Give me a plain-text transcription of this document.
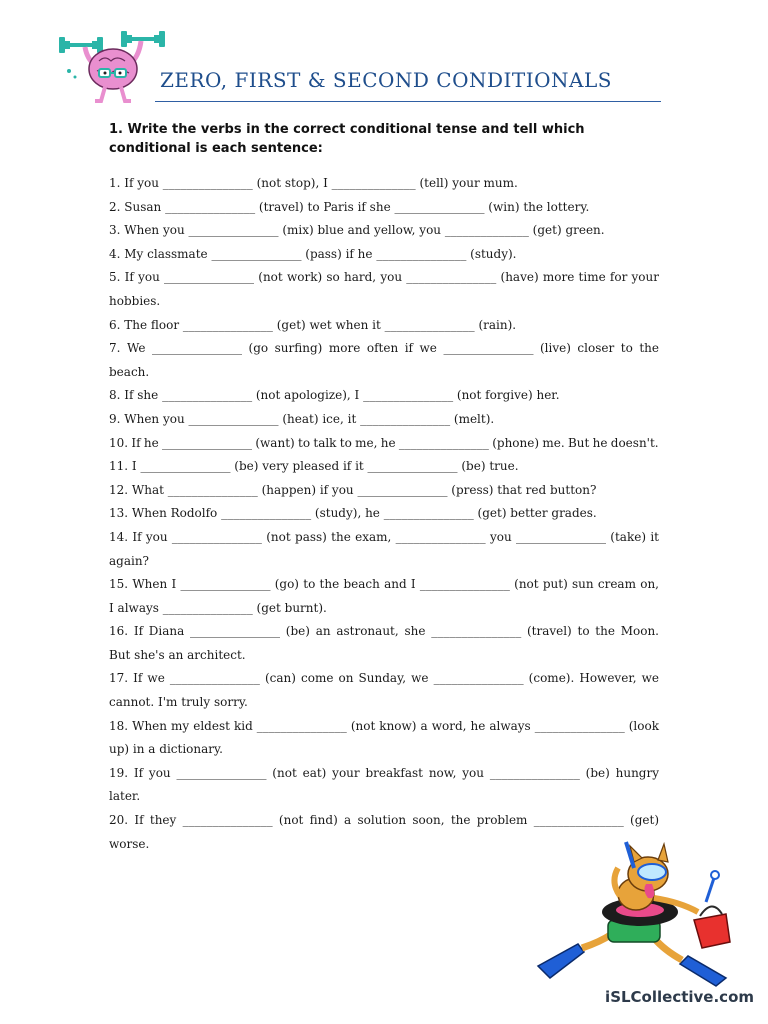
ZERO, FIRST & SECOND CONDITIONALS

1. Write the verbs in the correct conditional tense and tell which conditional is each sentence:

1. If you _______________ (not stop), I ______________ (tell) your mum.
2. Susan _______________ (travel) to Paris if she _______________ (win) the lottery.
3. When you _______________ (mix) blue and yellow, you ______________ (get) green.
4. My classmate _______________ (pass) if he _______________ (study).
5. If you _______________ (not work) so hard, you _______________ (have) more time for your hobbies.
6. The floor _______________ (get) wet when it _______________ (rain).
7. We _______________ (go surfing) more often if we _______________ (live) closer to the beach.
8. If she _______________ (not apologize), I _______________ (not forgive) her.
9. When you _______________ (heat) ice, it _______________ (melt).
10. If he _______________ (want) to talk to me, he _______________ (phone) me. But he doesn't.
11. I _______________ (be) very pleased if it _______________ (be) true.
12. What _______________ (happen) if you _______________ (press) that red button?
13. When Rodolfo _______________ (study), he _______________ (get) better grades.
14. If you _______________ (not pass) the exam, _______________ you _______________ (take) it again?
15. When I _______________ (go) to the beach and I _______________ (not put) sun cream on, I always _______________ (get burnt).
16. If Diana _______________ (be) an astronaut, she _______________ (travel) to the Moon. But she's an architect.
17. If we _______________ (can) come on Sunday, we _______________ (come). However, we cannot. I'm truly sorry.
18. When my eldest kid _______________ (not know) a word, he always _______________ (look up) in a dictionary.
19. If you _______________ (not eat) your breakfast now, you _______________ (be) hungry later.
20. If they _______________ (not find) a solution soon, the problem _______________ (get) worse.
iSLCollective.com
